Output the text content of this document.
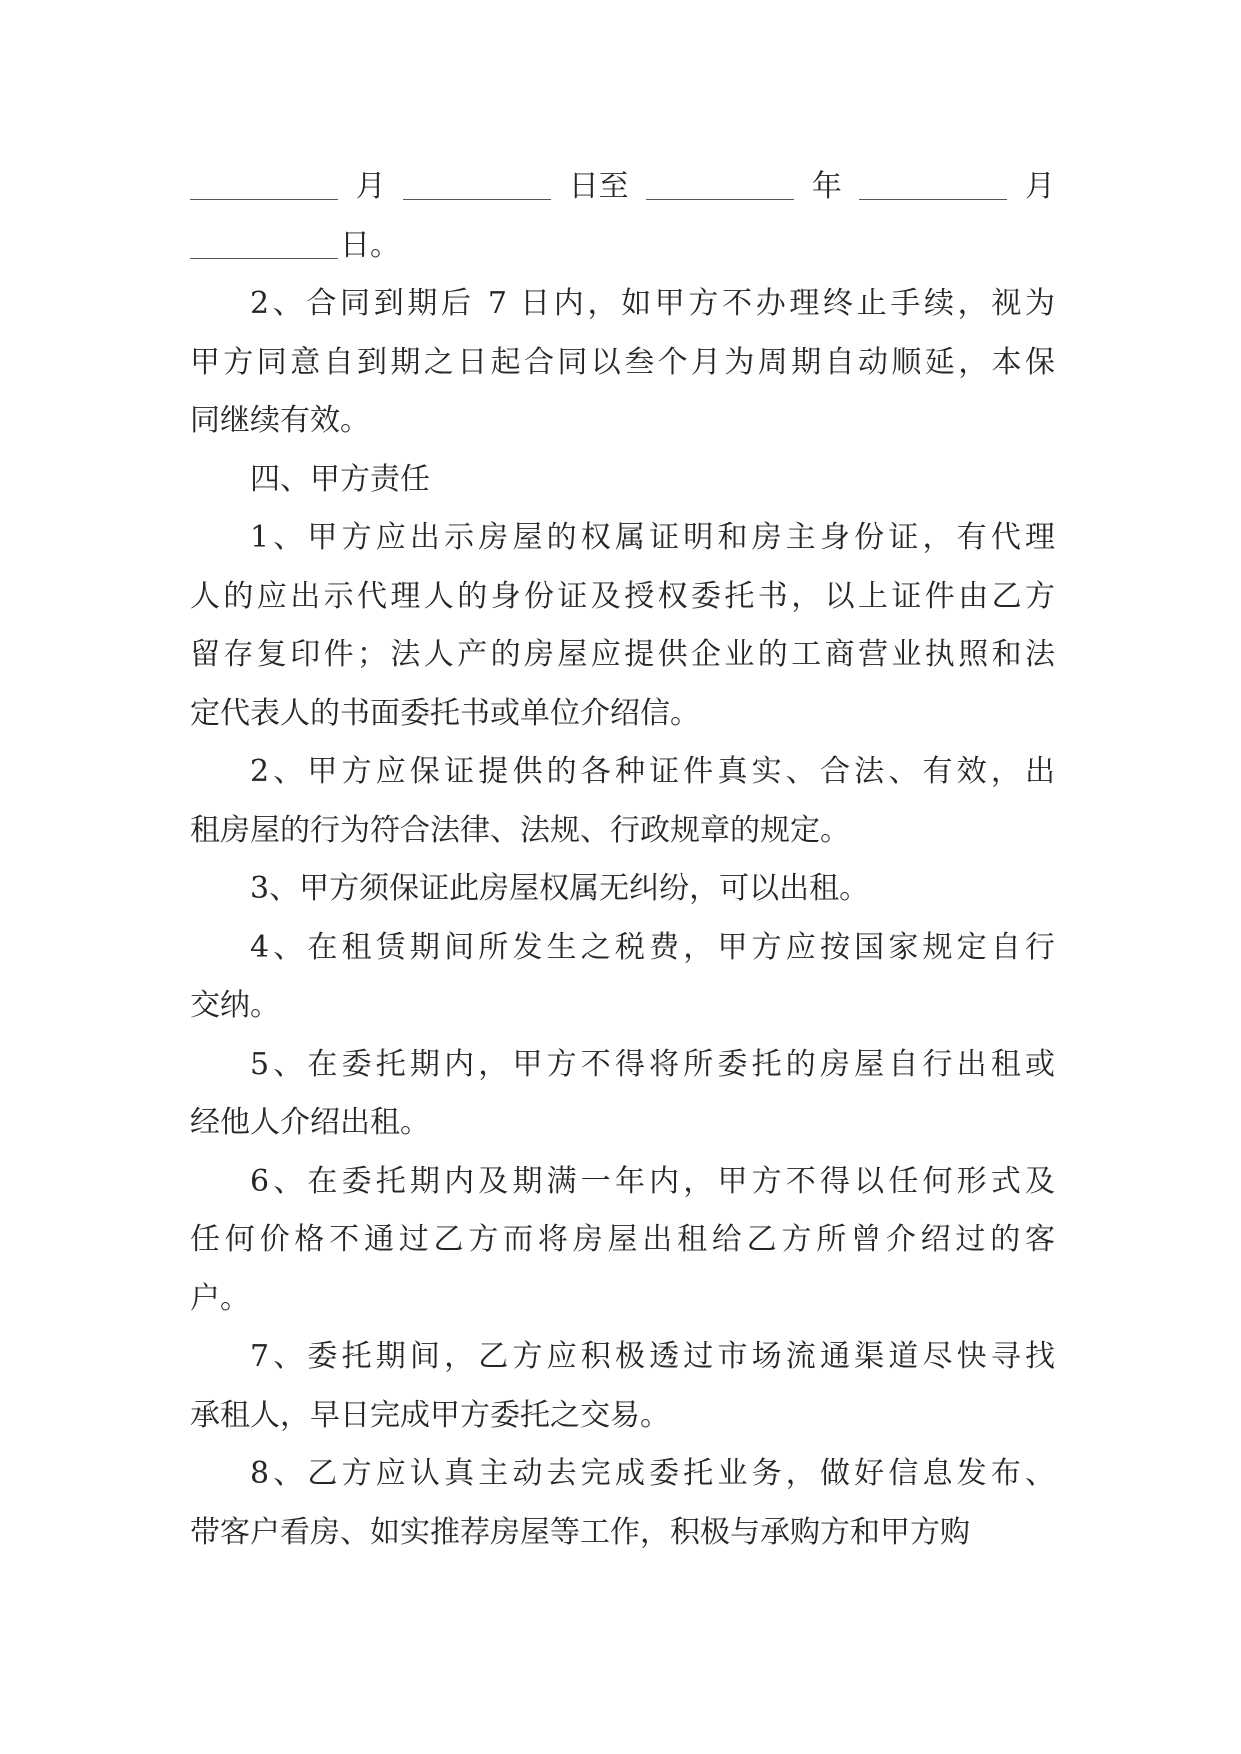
月	日至	年	月
日。
2、合同到期后 7 日内，如甲方不办理终止手续，视为
甲方同意自到期之日起合同以叁个月为周期自动顺延，本保
同继续有效。
四、甲方责任
1、甲方应出示房屋的权属证明和房主身份证，有代理
人的应出示代理人的身份证及授权委托书，以上证件由乙方
留存复印件；法人产的房屋应提供企业的工商营业执照和法
定代表人的书面委托书或单位介绍信。
2、甲方应保证提供的各种证件真实、合法、有效，出
租房屋的行为符合法律、法规、行政规章的规定。
3、甲方须保证此房屋权属无纠纷，可以出租。
4、在租赁期间所发生之税费，甲方应按国家规定自行
交纳。
5、在委托期内，甲方不得将所委托的房屋自行出租或
经他人介绍出租。
6、在委托期内及期满一年内，甲方不得以任何形式及
任何价格不通过乙方而将房屋出租给乙方所曾介绍过的客
户。
7、委托期间，乙方应积极透过市场流通渠道尽快寻找
承租人，早日完成甲方委托之交易。
8、乙方应认真主动去完成委托业务，做好信息发布、
带客户看房、如实推荐房屋等工作，积极与承购方和甲方购
